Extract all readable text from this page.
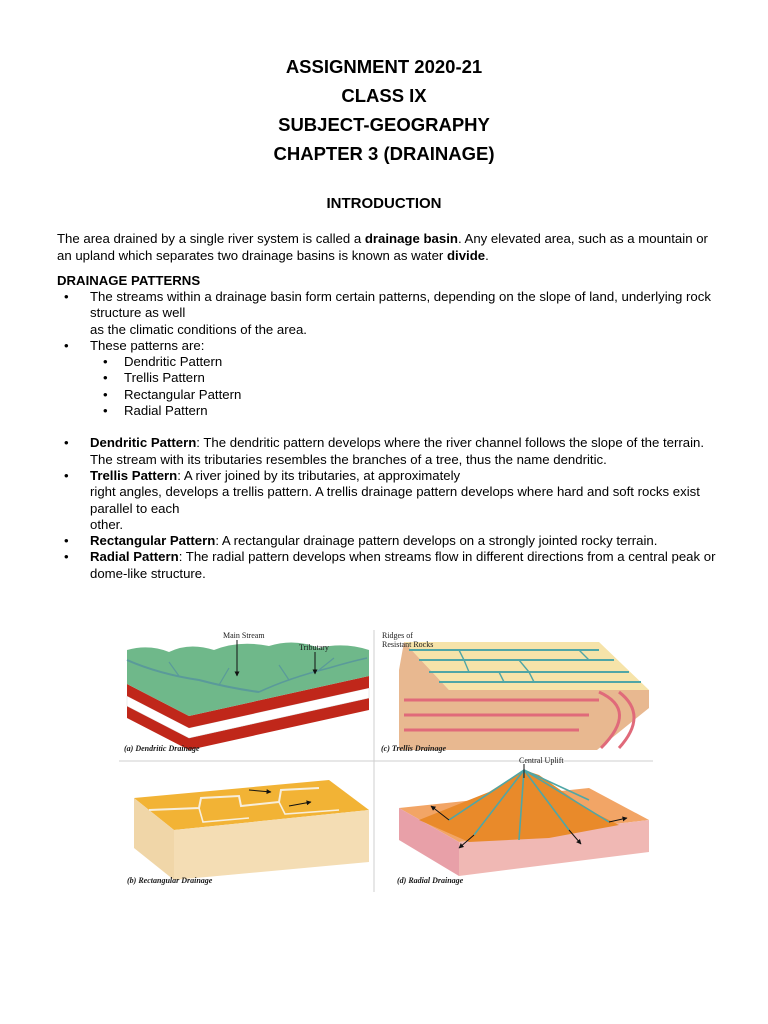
ASSIGNMENT 2020-21
CLASS IX
SUBJECT-GEOGRAPHY
CHAPTER 3 (DRAINAGE)
INTRODUCTION
The area drained by a single river system is called a drainage basin. Any elevated area, such as a mountain or an upland which separates two drainage basins is known as water divide.
DRAINAGE PATTERNS
• The streams within a drainage basin form certain patterns, depending on the slope of land, underlying rock structure as well
as the climatic conditions of the area.
• These patterns are:
• Dendritic Pattern
• Trellis Pattern
• Rectangular Pattern
• Radial Pattern
• Dendritic Pattern: The dendritic pattern develops where the river channel follows the slope of the terrain. The stream with its tributaries resembles the branches of a tree, thus the name dendritic.
• Trellis Pattern: A river joined by its tributaries, at approximately
right angles, develops a trellis pattern. A trellis drainage pattern develops where hard and soft rocks exist parallel to each
other.
• Rectangular Pattern: A rectangular drainage pattern develops on a strongly jointed rocky terrain.
• Radial Pattern: The radial pattern develops when streams flow in different directions from a central peak or dome-like structure.
Main Stream
Tributary
(a) Dendritic Drainage
Ridges of
Resistant Rocks
(c) Trellis Drainage
(b) Rectangular Drainage
Central Uplift
(d) Radial Drainage
